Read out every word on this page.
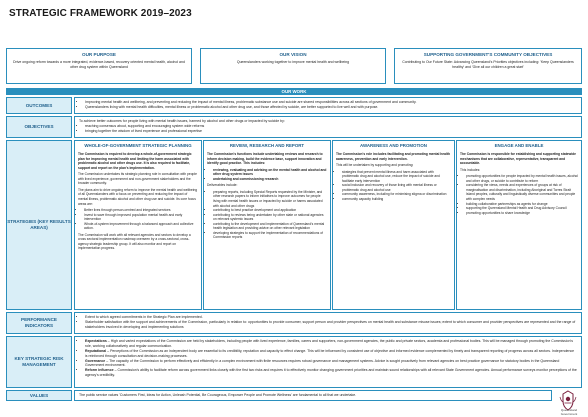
STRATEGIC FRAMEWORK 2019–2023
OUR PURPOSE
Drive ongoing reform towards a more integrated, evidence-based, recovery oriented mental health, alcohol and other drug system within Queensland
OUR VISION
Queenslanders working together to improve mental health and wellbeing
SUPPORTING GOVERNMENT'S COMMUNITY OBJECTIVES
Contributing to Our Future State: Advancing Queensland's Priorities objectives including: 'Keep Queenslanders healthy' and 'Give all our children a great start'
OUR WORK
OUTCOMES
• Improving mental health and wellbeing, and preventing and reducing the impact of mental illness, problematic substance use and suicide are shared responsibilities across all sections of government and community.
• Queenslanders living with mental health difficulties, mental illness or problematic alcohol and other drug use, and those affected by suicide, are better supported to live well and with purpose.
OBJECTIVES
To achieve better outcomes for people living with mental health issues, harmed by alcohol and other drugs or impacted by suicide by:
• reaching consensus about, supporting and encouraging system wide reforms
• bringing together the wisdom of lived experience and professional expertise
STRATEGIES (KEY RESULTS AREAS)
WHOLE-OF-GOVERNMENT STRATEGIC PLANNING

The Commission is required to develop a whole-of-government strategic plan for improving mental health and limiting the harm associated with problematic alcohol and other drugs use. It is also required to facilitate, support and report on the plan's implementation.

The Commission undertakes its strategic planning role in consultation with people with lived experience, government and non-government stakeholders and the broader community.

The plans aim to drive ongoing reform to improve the mental health and wellbeing of all Queenslanders with a focus on preventing and reducing the impact of mental illness, problematic alcohol and other drug use and suicide. Its core focus areas are:

• Better lives through person-centred and integrated services
• Invest to save through improved population mental health and early intervention
• Whole-of-system improvement through a balanced approach and collective action.

The Commission will work with all relevant agencies and sectors to develop a cross sectoral implementation roadmap overseen by a cross-sectoral, cross-agency strategic leadership group. It will also monitor and report on implementation progress.

REVIEW, RESEARCH AND REPORT

The Commission's functions include undertaking reviews and research to inform decision making, build the evidence base, support innovation and identify good practice. This includes:

• reviewing, evaluating and advising on the mental health and alcohol and other drug system issues
• undertaking and commissioning research

Deliverables include:

• preparing reports, including Special Reports requested by the Minister, and other research papers to inform initiatives to improve outcomes for people living with mental health issues or impacted by suicide or harms associated with alcohol and other drugs
• contributing to best practice development and application
• contributing to reviews being undertaken by other state or national agencies on relevant systemic issues
• contributing to the development and implementation of Queensland's mental health legislation and providing advice on other relevant legislation
• developing strategies to support the implementation of recommendations of Commission reports
AWARENESS AND PROMOTION

The Commission's role includes facilitating and promoting mental health awareness, prevention and early intervention.

This will be undertaken by supporting and promoting:

• strategies that prevent mental illness and harm associated with problematic drug and alcohol use, reduce the impact of suicide and facilitate early intervention
• social inclusion and recovery of those living with mental illness or problematic drug and alcohol use
• community awareness, including for minimising stigma or discrimination
• community capacity building
ENGAGE AND ENABLE

The Commission is responsible for establishing and supporting statewide mechanisms that are collaborative, representative, transparent and accountable.

This includes:

• promoting opportunities for people impacted by mental health issues, alcohol and other drugs, or suicide to contribute to reform
• considering the views, needs and experiences of groups at risk of marginalisation and discrimination, including Aboriginal and Torres Strait Island peoples, culturally and linguistically diverse communities and people with complex needs
• building collaborative partnerships as agents for change
• supporting the Queensland Mental Health and Drug Advisory Council
• promoting opportunities to share knowledge
PERFORMANCE INDICATORS
• Extent to which agreed commitments in the Strategic Plan are implemented.
• Stakeholder satisfaction with the support and achievements of the Commission, particularly in relation to: opportunities to provide consumer, support person and provider perspectives on mental health and substance misuse issues; extent to which consumer and provider perspectives are represented and the range of stakeholders involved in developing and implementing solutions
KEY STRATEGIC RISK MANAGEMENT
• Expectations – High and varied expectations of the Commission are held by stakeholders, including people with lived experience, families, carers and supporters, non-government agencies, the public and private sectors, academia and professional bodies. This will be managed through promoting the Commission's role, working collaboratively and regular communication.
• Reputational – Perceptions of the Commission as an independent body are essential to its credibility, reputation and capacity to effect change. This will be influenced by consistent use of objective and informed evidence complemented by timely and transparent reporting of progress across all sectors. Independence is reinforced through consultation and decision-making processes.
• Governance – The capacity of the Commission to perform effectively and efficiently in a complex environment with finite resources requires robust governance and management systems. Advice is sought proactively from relevant agencies on best practice governance for statutory bodies in the Queensland Government environment.
• Reform influence – Commission's ability to facilitate reform across government links closely with the first two risks and requires it to effectively monitor changing government priorities and maintain sound relationships with all relevant State Government agencies. Annual performance surveys monitor perceptions of the agency's credibility.
VALUES	The public service values 'Customers First, Ideas for Action, Unleash Potential, Be Courageous, Empower People and Promote Wellness' are fundamental to all that we undertake.
Queensland Government
